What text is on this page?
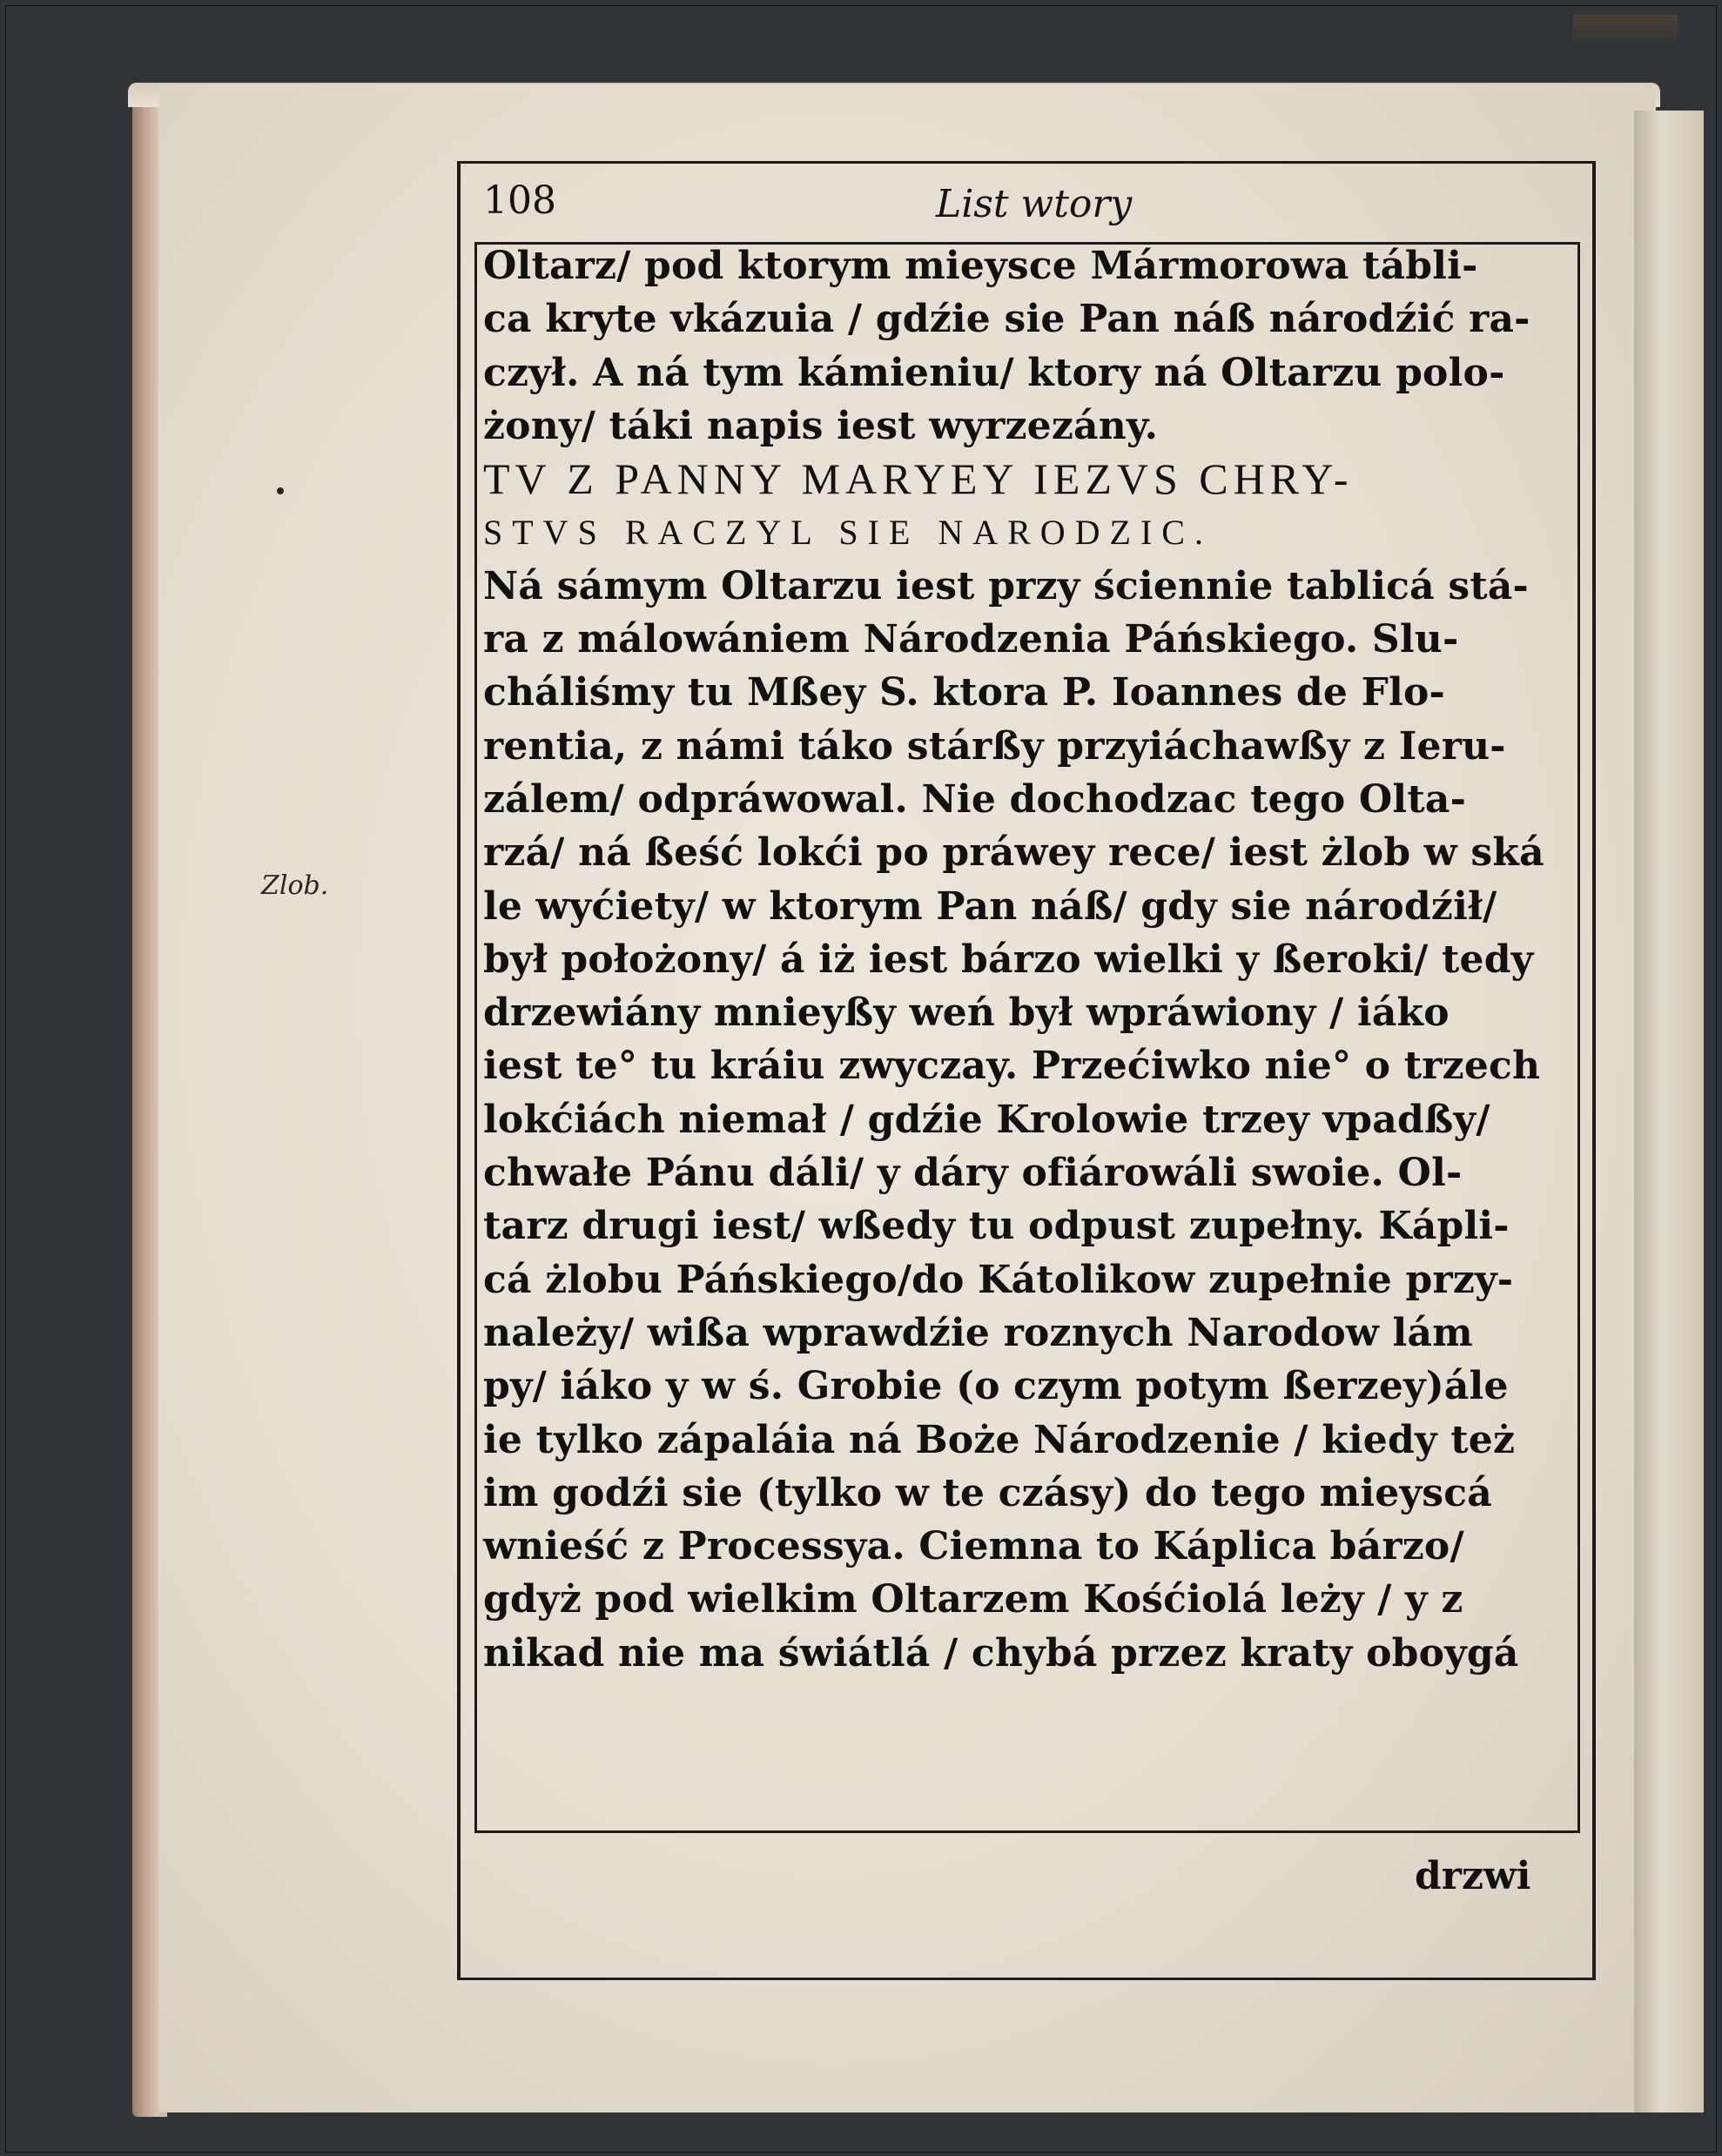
108	List wtory
Zlob.
Oltarz/ pod ktorym mieysce Mármorowa tábli-
ca kryte vkázuia / gdźie sie Pan náß národźić ra-
czył. A ná tym kámieniu/ ktory ná Oltarzu polo-
żony/ táki napis iest wyrzezány.
TV Z PANNY MARYEY IEZVS CHRY-
STVS RACZYL SIE NARODZIC.
Ná sámym Oltarzu iest przy ściennie tablicá stá-
ra z málowániem Národzenia Páńskiego. Slu-
cháliśmy tu Mßey S. ktora P. Ioannes de Flo-
rentia, z námi táko stárßy przyiáchawßy z Ieru-
zálem/ odpráwowal. Nie dochodzac tego Olta-
rzá/ ná ßeść lokći po práwey rece/ iest żlob w ská
le wyćiety/ w ktorym Pan náß/ gdy sie národźił/
był położony/ á iż iest bárzo wielki y ßeroki/ tedy
drzewiány mnieyßy weń był wpráwiony / iáko
iest te° tu kráiu zwyczay. Przećiwko nie° o trzech
lokćiách niemał / gdźie Krolowie trzey vpadßy/
chwałe Pánu dáli/ y dáry ofiárowáli swoie. Ol-
tarz drugi iest/ wßedy tu odpust zupełny. Kápli-
cá żlobu Páńskiego/do Kátolikow zupełnie przy-
należy/ wißa wprawdźie roznych Narodow lám
py/ iáko y w ś. Grobie (o czym potym ßerzey)ále
ie tylko zápaláia ná Boże Národzenie / kiedy też
im godźi sie (tylko w te czásy) do tego mieyscá
wnieść z Processya. Ciemna to Káplica bárzo/
gdyż pod wielkim Oltarzem Kośćiolá leży / y z
nikad nie ma świátlá / chybá przez kraty oboygá
drzwi
